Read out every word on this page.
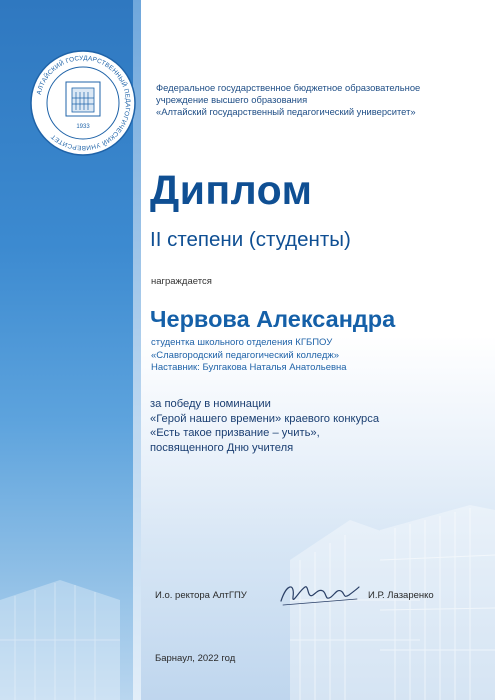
АЛТАЙСКИЙ ГОСУДАРСТВЕННЫЙ ПЕДАГОГИЧЕСКИЙ УНИВЕРСИТЕТ
1933
Федеральное государственное бюджетное образовательное
учреждение высшего образования
«Алтайский государственный педагогический университет»
Диплом
II степени (студенты)
награждается
Червова Александра
студентка школьного отделения КГБПОУ
«Славгородский педагогический колледж»
Наставник: Булгакова Наталья Анатольевна
за победу в номинации
«Герой нашего времени» краевого конкурса
«Есть такое призвание – учить»,
посвященного Дню учителя
И.о. ректора АлтГПУ	И.Р. Лазаренко
Барнаул, 2022 год
